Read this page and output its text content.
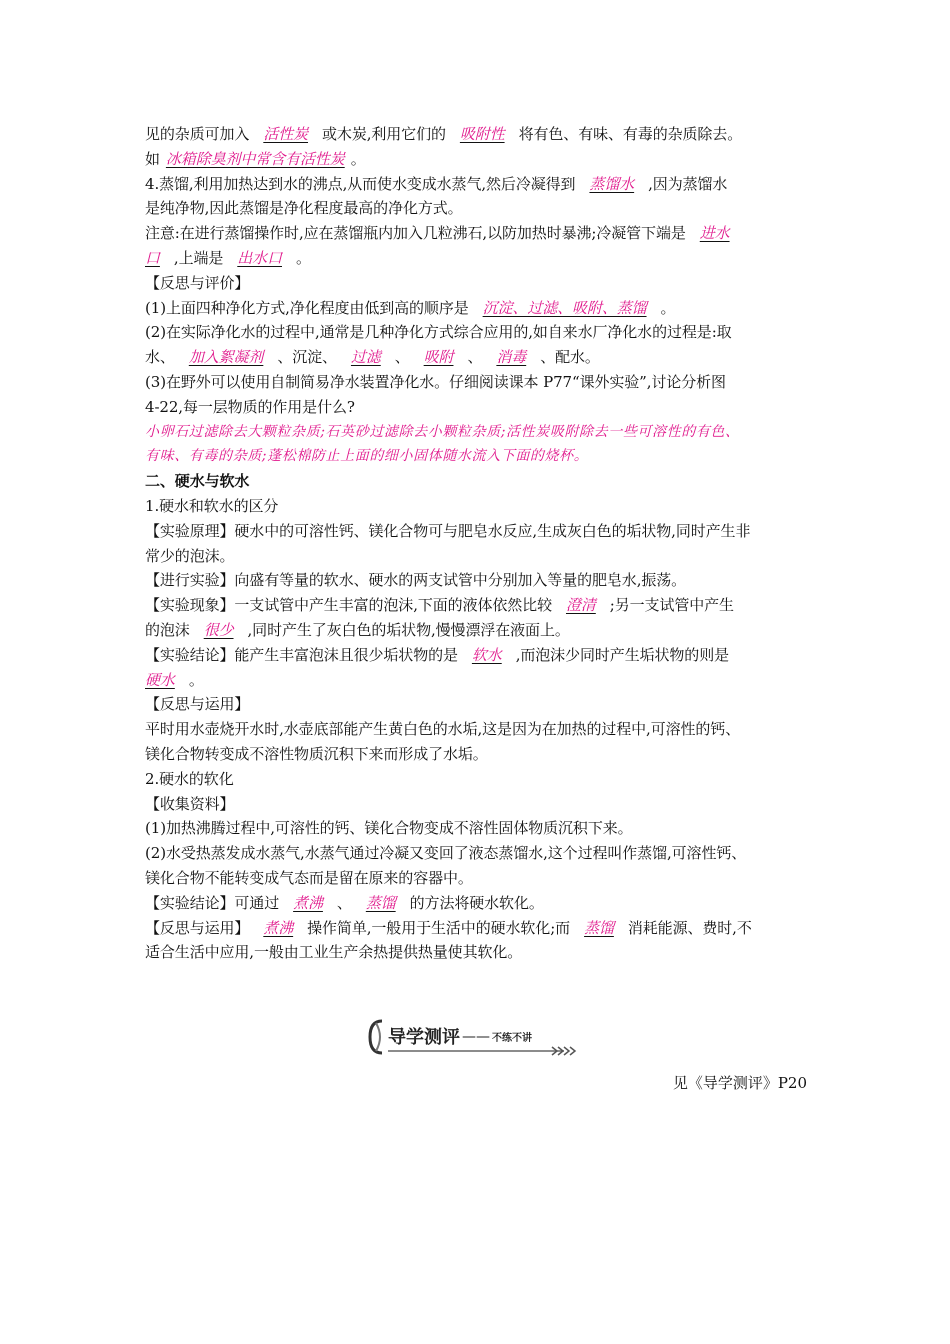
见的杂质可加入 活性炭 或木炭,利用它们的 吸附性 将有色、有味、有毒的杂质除去。
如 冰箱除臭剂中常含有活性炭 。
4.蒸馏,利用加热达到水的沸点,从而使水变成水蒸气,然后冷凝得到 蒸馏水 ,因为蒸馏水
是纯净物,因此蒸馏是净化程度最高的净化方式。
注意:在进行蒸馏操作时,应在蒸馏瓶内加入几粒沸石,以防加热时暴沸;冷凝管下端是 进水
口 ,上端是 出水口 。
【反思与评价】
(1)上面四种净化方式,净化程度由低到高的顺序是 沉淀、过滤、吸附、蒸馏 。
(2)在实际净化水的过程中,通常是几种净化方式综合应用的,如自来水厂净化水的过程是:取
水、 加入絮凝剂 、沉淀、 过滤 、 吸附 、 消毒 、配水。
(3)在野外可以使用自制简易净水装置净化水。仔细阅读课本 P77“课外实验”,讨论分析图
4-22,每一层物质的作用是什么?
小卵石过滤除去大颗粒杂质;石英砂过滤除去小颗粒杂质;活性炭吸附除去一些可溶性的有色、
有味、有毒的杂质;蓬松棉防止上面的细小固体随水流入下面的烧杯。
二、硬水与软水
1.硬水和软水的区分
【实验原理】硬水中的可溶性钙、镁化合物可与肥皂水反应,生成灰白色的垢状物,同时产生非
常少的泡沫。
【进行实验】向盛有等量的软水、硬水的两支试管中分别加入等量的肥皂水,振荡。
【实验现象】一支试管中产生丰富的泡沫,下面的液体依然比较 澄清 ;另一支试管中产生
的泡沫 很少 ,同时产生了灰白色的垢状物,慢慢漂浮在液面上。
【实验结论】能产生丰富泡沫且很少垢状物的是 软水 ,而泡沫少同时产生垢状物的则是
硬水 。
【反思与运用】
平时用水壶烧开水时,水壶底部能产生黄白色的水垢,这是因为在加热的过程中,可溶性的钙、
镁化合物转变成不溶性物质沉积下来而形成了水垢。
2.硬水的软化
【收集资料】
(1)加热沸腾过程中,可溶性的钙、镁化合物变成不溶性固体物质沉积下来。
(2)水受热蒸发成水蒸气,水蒸气通过冷凝又变回了液态蒸馏水,这个过程叫作蒸馏,可溶性钙、
镁化合物不能转变成气态而是留在原来的容器中。
【实验结论】可通过 煮沸 、 蒸馏 的方法将硬水软化。
【反思与运用】 煮沸 操作简单,一般用于生活中的硬水软化;而 蒸馏 消耗能源、费时,不
适合生活中应用,一般由工业生产余热提供热量使其软化。
导学测评 —— 不练不讲
见《导学测评》P20
